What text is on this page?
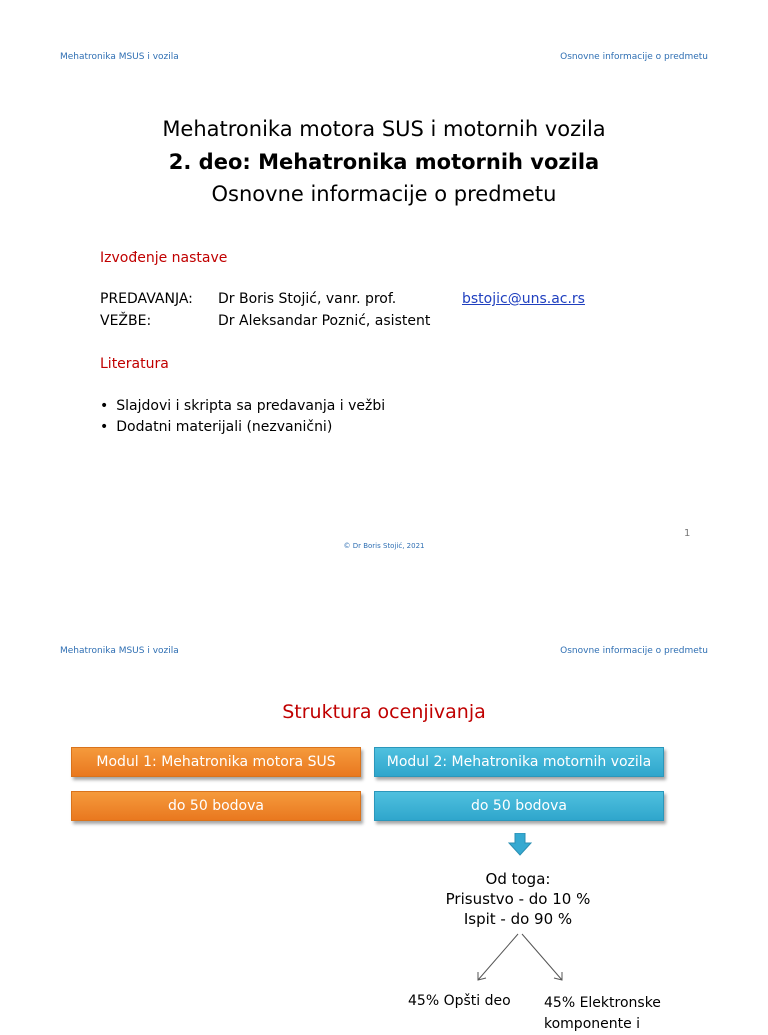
Mehatronika MSUS i vozila	Osnovne informacije o predmetu
Mehatronika motora SUS i motornih vozila
2. deo: Mehatronika motornih vozila
Osnovne informacije o predmetu
Izvođenje nastave
PREDAVANJA: Dr Boris Stojić, vanr. prof.	bstojic@uns.ac.rs
VEŽBE:	Dr Aleksandar Poznić, asistent
Literatura
• Slajdovi i skripta sa predavanja i vežbi
• Dodatni materijali (nezvanični)
© Dr Boris Stojić, 2021
1
Mehatronika MSUS i vozila	Osnovne informacije o predmetu
Struktura ocenjivanja
Modul 1: Mehatronika motora SUS	Modul 2: Mehatronika motornih vozila
do 50 bodova	do 50 bodova
Od toga:
Prisustvo - do 10 %
Ispit - do 90 %
45% Opšti deo 45% Elektronske
komponente i
